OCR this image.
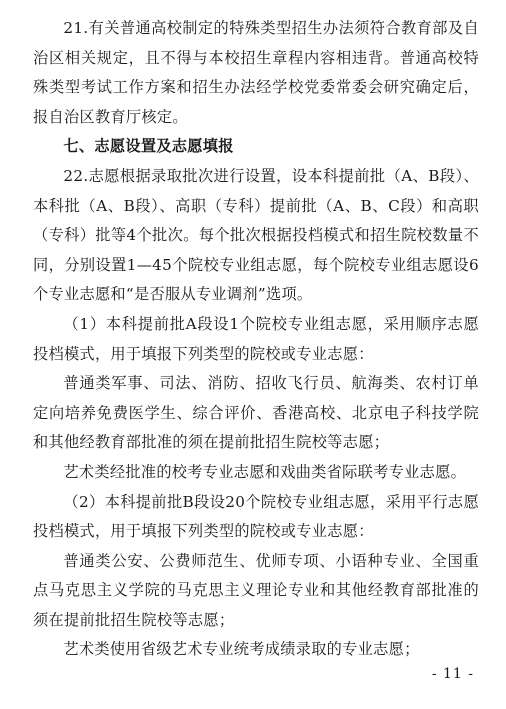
21.有关普通高校制定的特殊类型招生办法须符合教育部及自治区相关规定，且不得与本校招生章程内容相违背。普通高校特殊类型考试工作方案和招生办法经学校党委常委会研究确定后，报自治区教育厅核定。

七、志愿设置及志愿填报

22.志愿根据录取批次进行设置，设本科提前批（A、B段）、本科批（A、B段）、高职（专科）提前批（A、B、C段）和高职（专科）批等4个批次。每个批次根据投档模式和招生院校数量不同，分别设置1—45个院校专业组志愿，每个院校专业组志愿设6个专业志愿和“是否服从专业调剂”选项。

（1）本科提前批A段设1个院校专业组志愿，采用顺序志愿投档模式，用于填报下列类型的院校或专业志愿：

普通类军事、司法、消防、招收飞行员、航海类、农村订单定向培养免费医学生、综合评价、香港高校、北京电子科技学院和其他经教育部批准的须在提前批招生院校等志愿；

艺术类经批准的校考专业志愿和戏曲类省际联考专业志愿。

（2）本科提前批B段设20个院校专业组志愿，采用平行志愿投档模式，用于填报下列类型的院校或专业志愿：

普通类公安、公费师范生、优师专项、小语种专业、全国重点马克思主义学院的马克思主义理论专业和其他经教育部批准的须在提前批招生院校等志愿；

艺术类使用省级艺术专业统考成绩录取的专业志愿；

- 11 -
